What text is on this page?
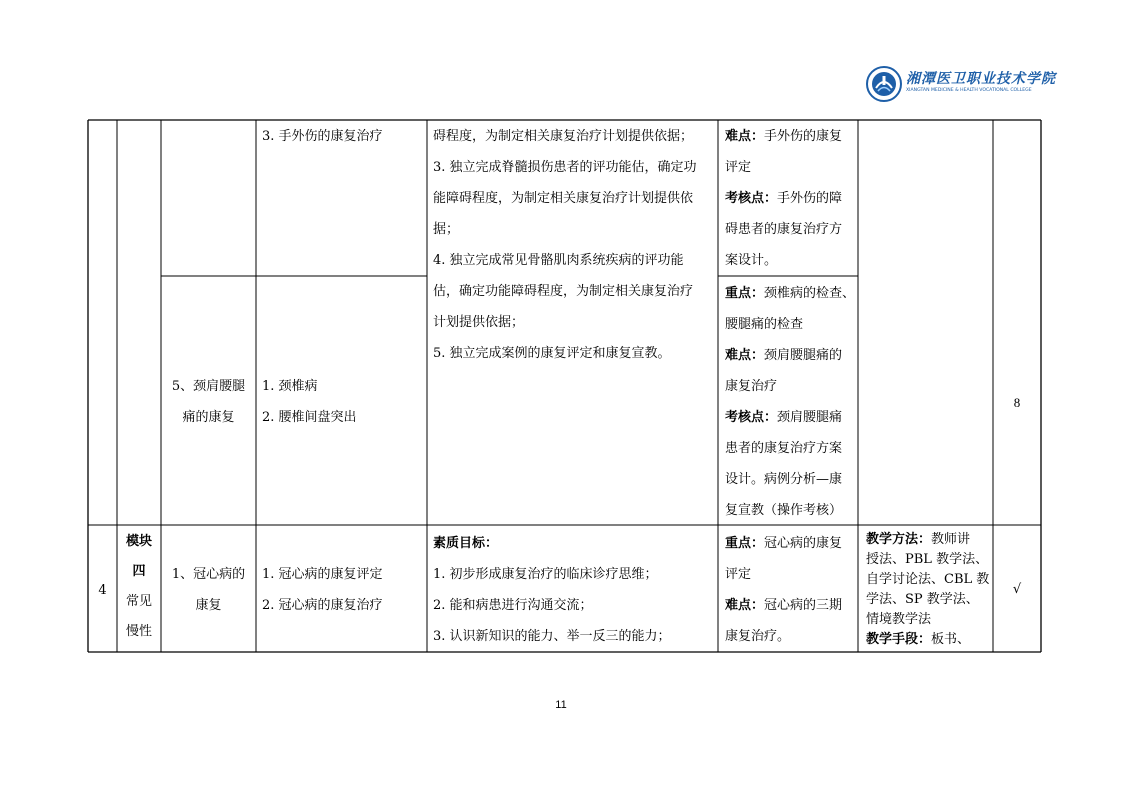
湘潭医卫职业技术学院
XIANGTAN MEDICINE & HEALTH VOCATIONAL COLLEGE
3. 手外伤的康复治疗	碍程度，为制定相关康复治疗计划提供依据；
3. 独立完成脊髓损伤患者的评功能估，确定功
能障碍程度，为制定相关康复治疗计划提供依
据；
4. 独立完成常见骨骼肌肉系统疾病的评功能
估，确定功能障碍程度，为制定相关康复治疗
计划提供依据；
5. 独立完成案例的康复评定和康复宣教。
难点：手外伤的康复
评定
考核点：手外伤的障
碍患者的康复治疗方
案设计。
5、颈肩腰腿
痛的康复
1. 颈椎病
2. 腰椎间盘突出
重点：颈椎病的检查、
腰腿痛的检查
难点：颈肩腰腿痛的
康复治疗
考核点：颈肩腰腿痛
患者的康复治疗方案
设计。病例分析—康
复宣教（操作考核）
8
4
模块
四
常见
慢性
1、冠心病的
康复
1. 冠心病的康复评定
2. 冠心病的康复治疗
素质目标：
1. 初步形成康复治疗的临床诊疗思维；
2. 能和病患进行沟通交流；
3. 认识新知识的能力、举一反三的能力；
重点：冠心病的康复
评定
难点：冠心病的三期
康复治疗。
教学方法：教师讲
授法、PBL 教学法、
自学讨论法、CBL 教
学法、SP 教学法、
情境教学法
教学手段：板书、
√
11
